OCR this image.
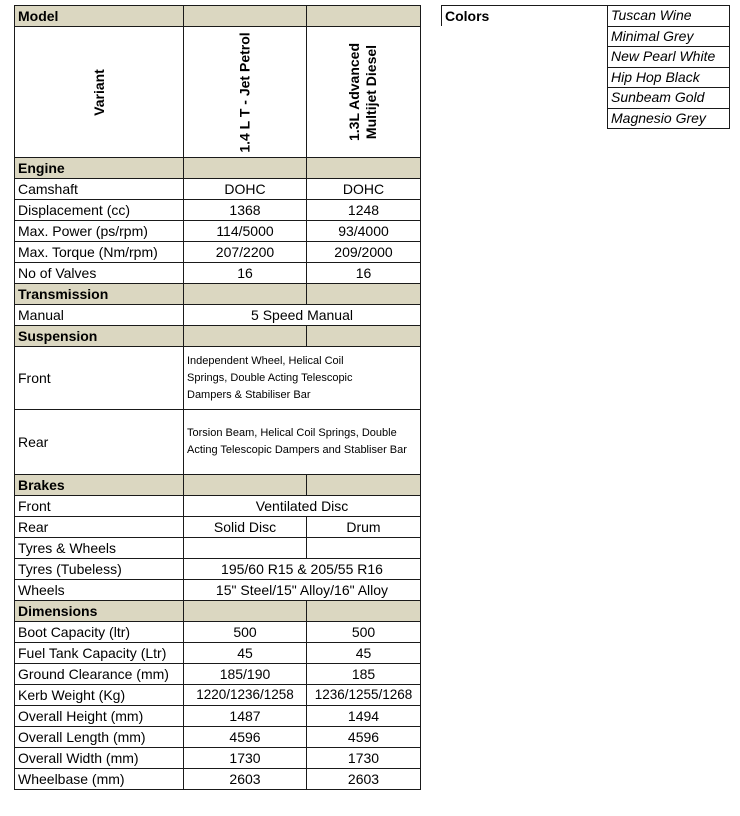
Model		

Variant	1.4 L T - Jet Petrol	1.3L Advanced Multijet Diesel

Engine		
Camshaft	DOHC	DOHC
Displacement (cc)	1368	1248
Max. Power (ps/rpm)	114/5000	93/4000
Max. Torque (Nm/rpm)	207/2200	209/2000
No of Valves	16	16
Transmission		
Manual	5 Speed Manual	
Suspension		
Front	Independent Wheel, Helical Coil Springs, Double Acting Telescopic Dampers & Stabiliser Bar	
Rear	Torsion Beam, Helical Coil Springs, Double Acting Telescopic Dampers and Stabliser Bar	
Brakes		
Front	Ventilated Disc	
Rear	Solid Disc	Drum
Tyres & Wheels		
Tyres (Tubeless)	195/60 R15 & 205/55 R16	
Wheels	15" Steel/15" Alloy/16" Alloy	
Dimensions		
Boot Capacity (ltr)	500	500
Fuel Tank Capacity (Ltr)	45	45
Ground Clearance (mm)	185/190	185
Kerb Weight (Kg)	1220/1236/1258	1236/1255/1268
Overall Height (mm)	1487	1494
Overall Length (mm)	4596	4596
Overall Width (mm)	1730	1730
Wheelbase (mm)	2603	2603
Colors	Tuscan Wine
	Minimal Grey
	New Pearl White
	Hip Hop Black
	Sunbeam Gold
	Magnesio Grey
